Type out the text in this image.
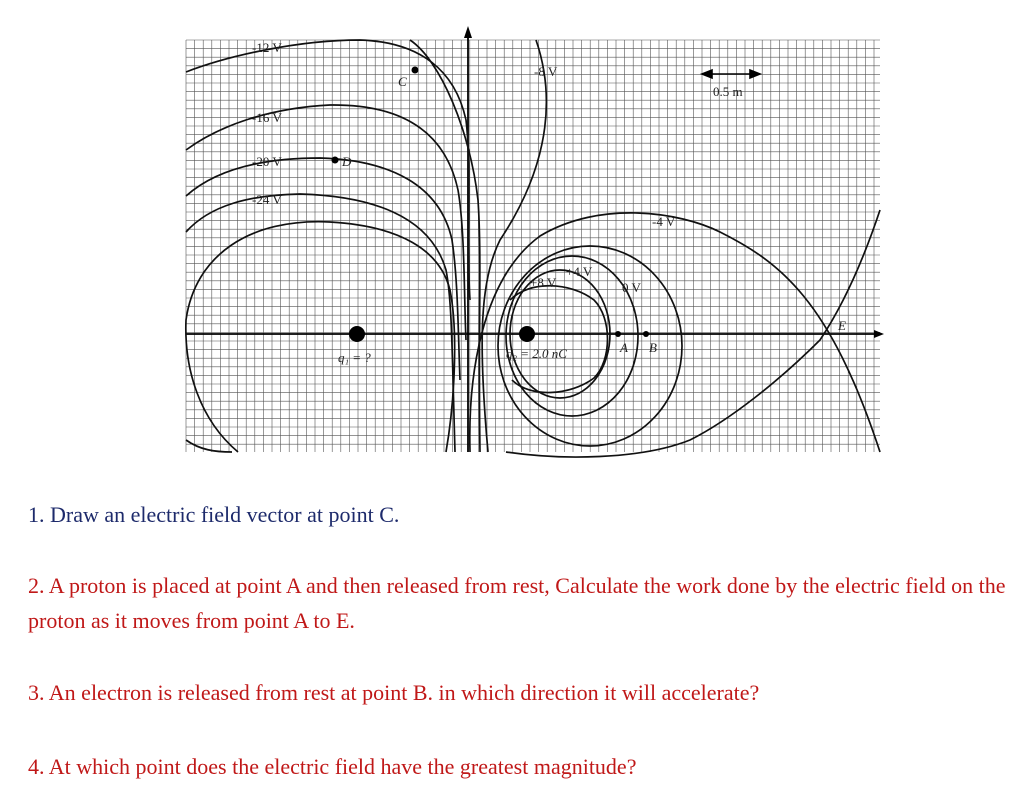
0.5 m
q₁ = ?	q₂ = 2.0 nC
C
D
A B
E
-12 V
-16 V
-20 V
-24 V
-8 V
-4 V
+8 V
+4 V
0 V
1. Draw an electric field vector at point C.
2. A proton is placed at point A and then released from rest, Calculate the work done by the electric field on the proton as it moves from point A to E.
3. An electron is released from rest at point B. in which direction it will accelerate?
4. At which point does the electric field have the greatest magnitude?
